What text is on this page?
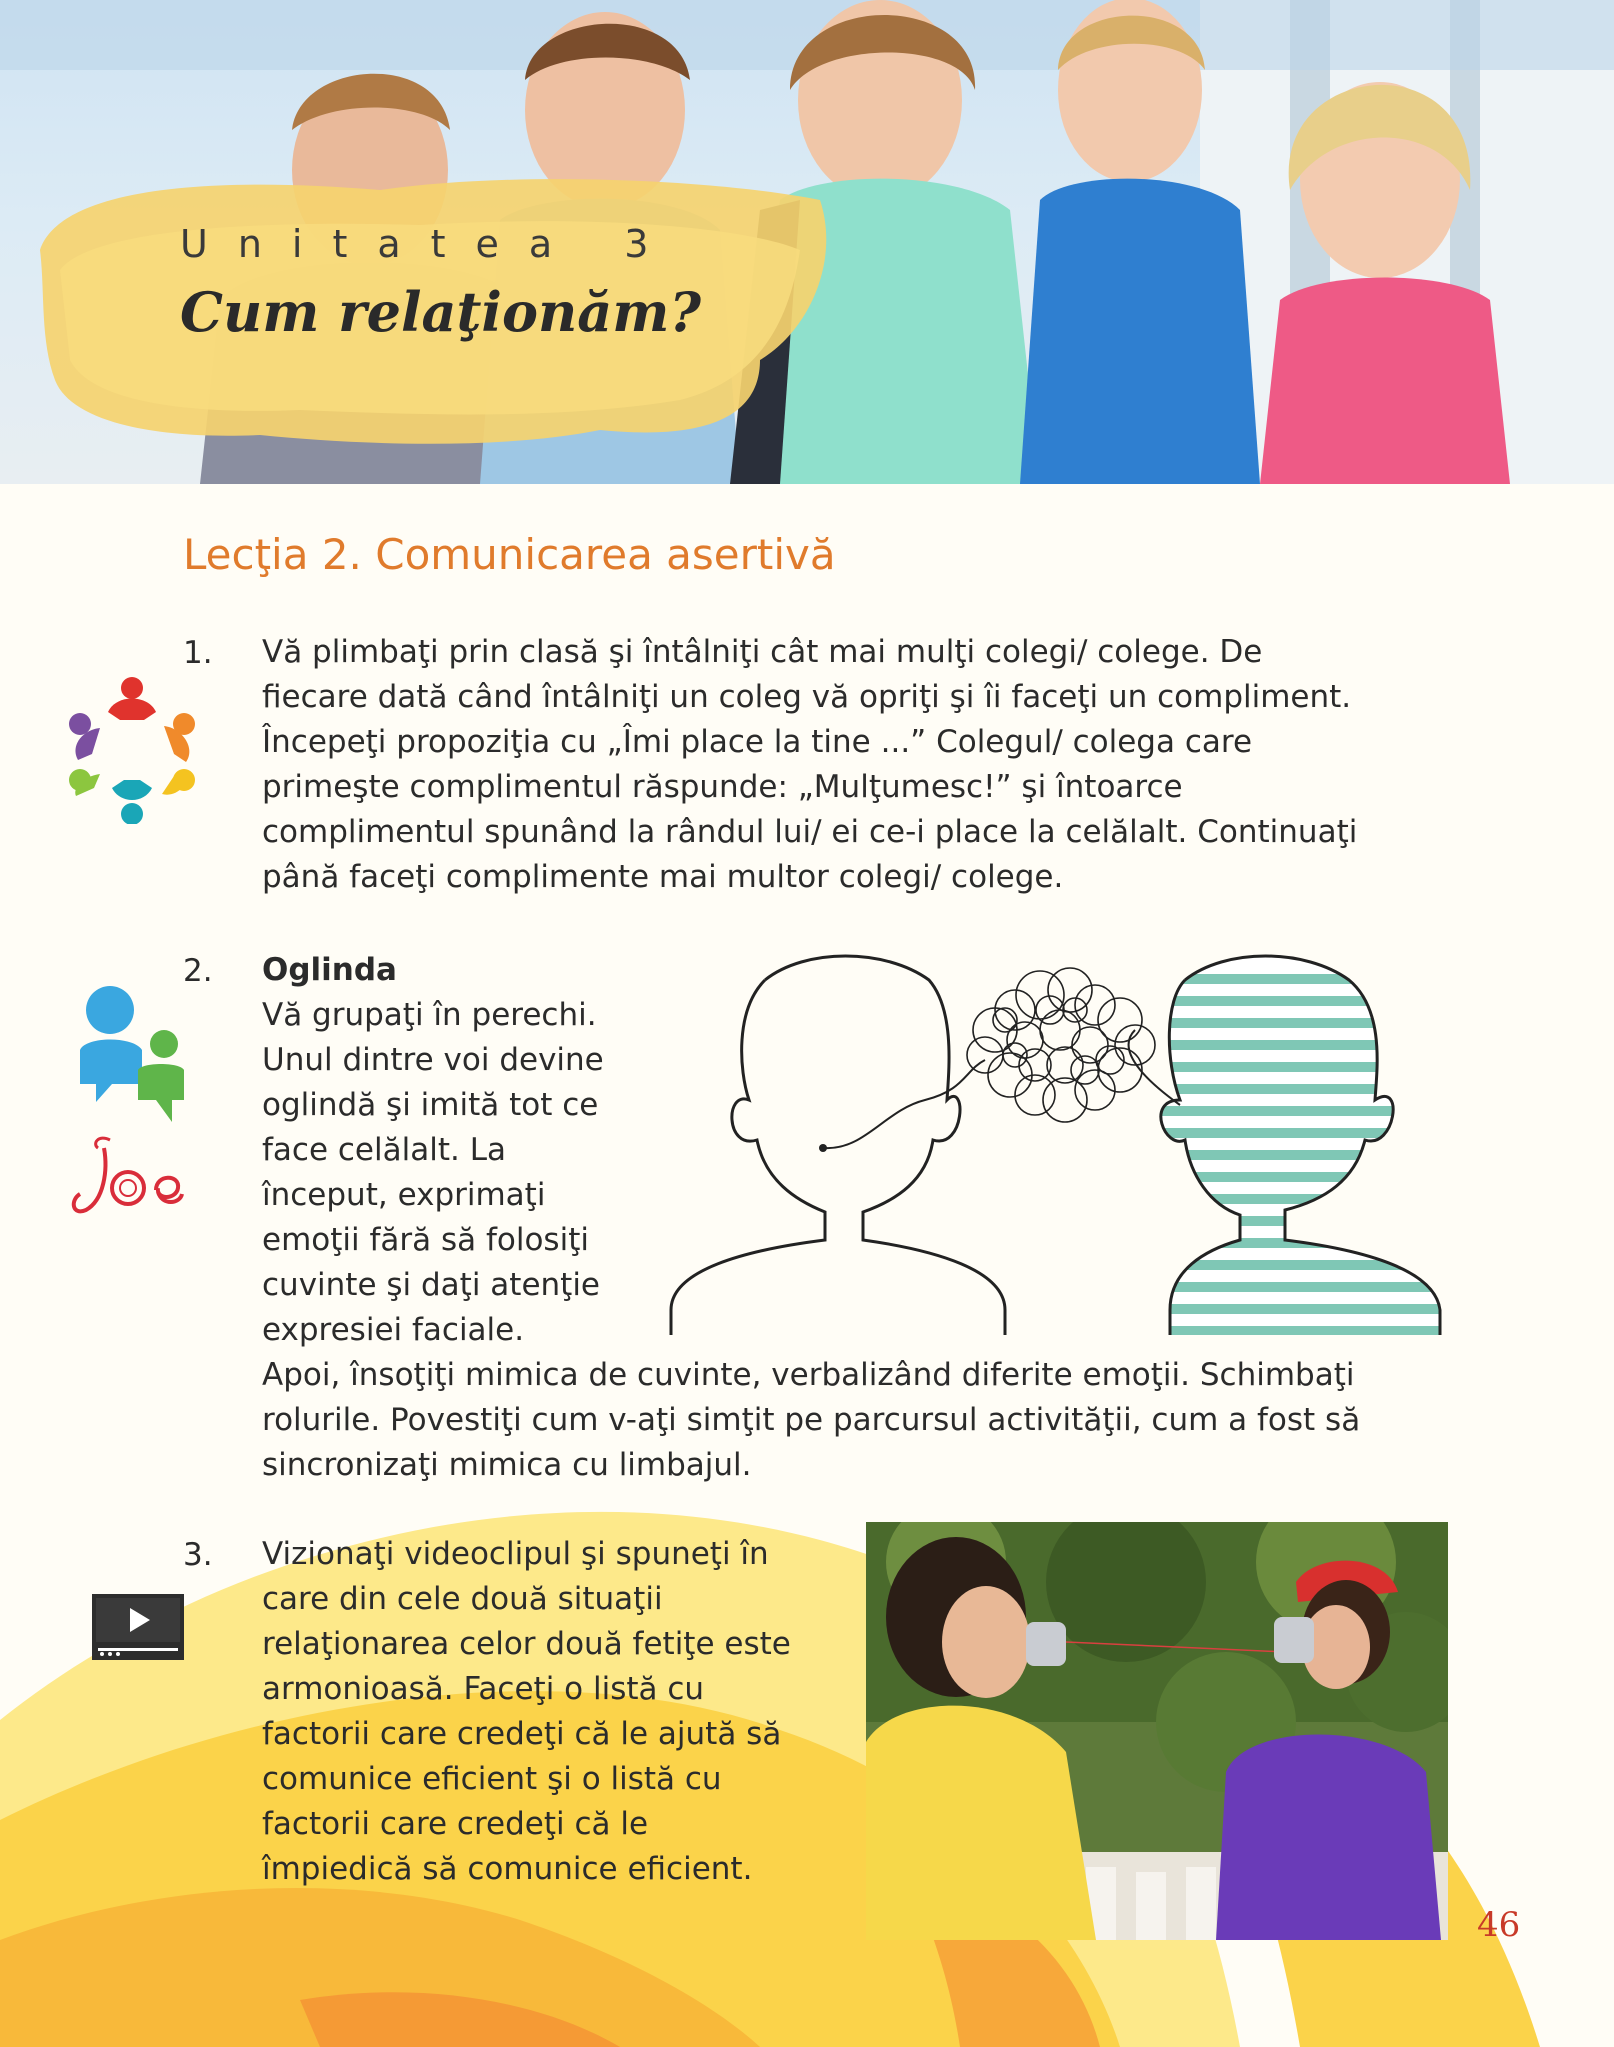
Unitatea 3
Cum relaţionăm?
Lecţia 2. Comunicarea asertivă
1. Vă plimbaţi prin clasă şi întâlniţi cât mai mulţi colegi/ colege. De
fiecare dată când întâlniţi un coleg vă opriţi şi îi faceţi un compliment.
Începeţi propoziţia cu „Îmi place la tine ...” Colegul/ colega care
primeşte complimentul răspunde: „Mulţumesc!” şi întoarce
complimentul spunând la rândul lui/ ei ce-i place la celălalt. Continuaţi
până faceţi complimente mai multor colegi/ colege.
2. Oglinda
Vă grupaţi în perechi.
Unul dintre voi devine
oglindă şi imită tot ce
face celălalt. La
început, exprimaţi
emoţii fără să folosiţi
cuvinte şi daţi atenţie
expresiei faciale.
Apoi, însoţiţi mimica de cuvinte, verbalizând diferite emoţii. Schimbaţi
rolurile. Povestiţi cum v-aţi simţit pe parcursul activităţii, cum a fost să
sincronizaţi mimica cu limbajul.
3. Vizionaţi videoclipul şi spuneţi în
care din cele două situaţii
relaţionarea celor două fetiţe este
armonioasă. Faceţi o listă cu
factorii care credeţi că le ajută să
comunice eficient şi o listă cu
factorii care credeţi că le
împiedică să comunice eficient.
46
